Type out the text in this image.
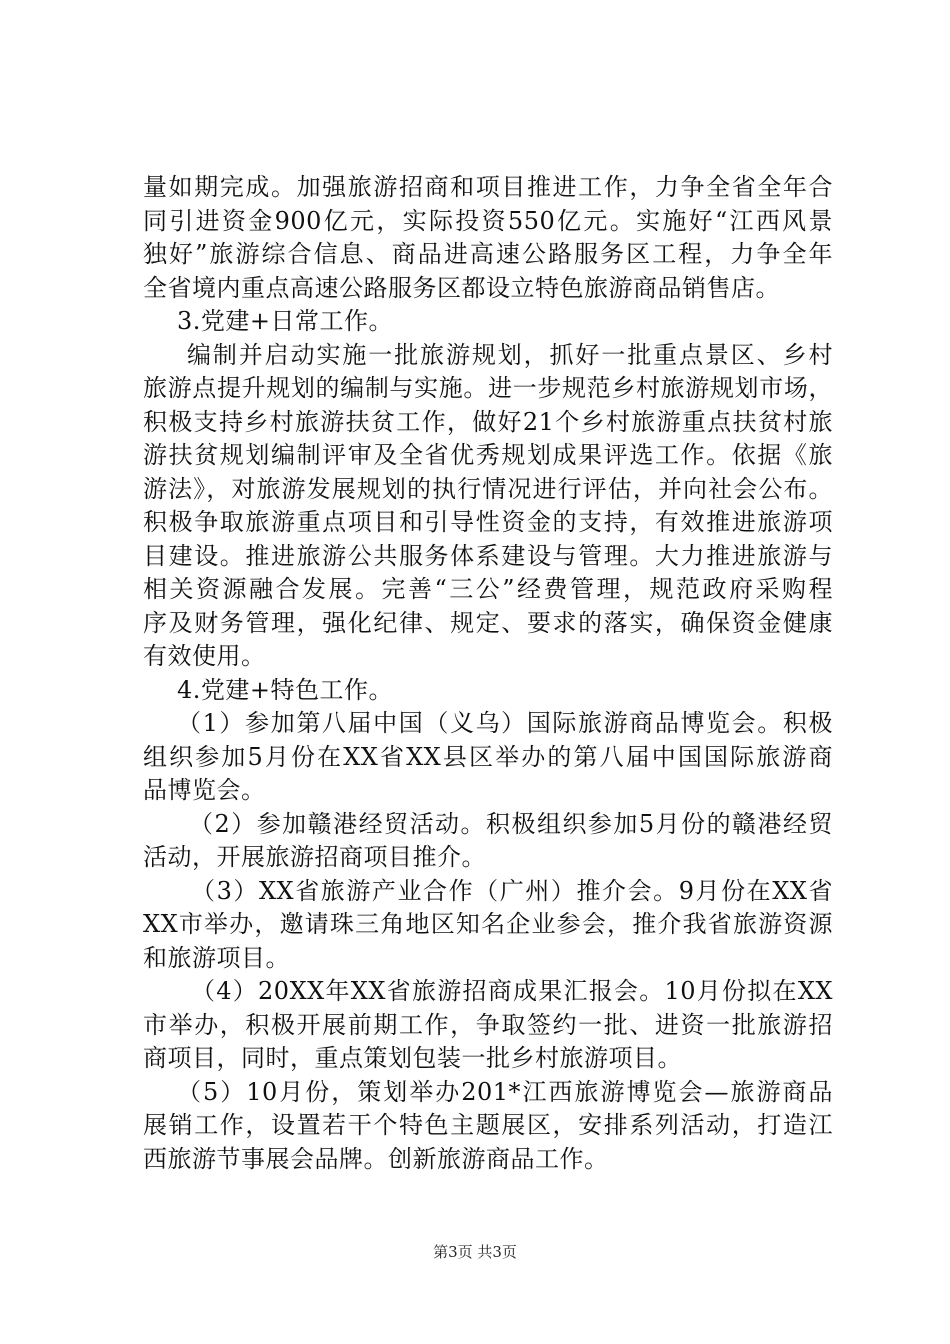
量如期完成。加强旅游招商和项目推进工作，力争全省全年合
同引进资金900亿元，实际投资550亿元。实施好“江西风景
独好”旅游综合信息、商品进高速公路服务区工程，力争全年
全省境内重点高速公路服务区都设立特色旅游商品销售店。
3.党建+日常工作。
编制并启动实施一批旅游规划，抓好一批重点景区、乡村
旅游点提升规划的编制与实施。进一步规范乡村旅游规划市场，
积极支持乡村旅游扶贫工作，做好21个乡村旅游重点扶贫村旅
游扶贫规划编制评审及全省优秀规划成果评选工作。依据《旅
游法》，对旅游发展规划的执行情况进行评估，并向社会公布。
积极争取旅游重点项目和引导性资金的支持，有效推进旅游项
目建设。推进旅游公共服务体系建设与管理。大力推进旅游与
相关资源融合发展。完善“三公”经费管理，规范政府采购程
序及财务管理，强化纪律、规定、要求的落实，确保资金健康
有效使用。
4.党建+特色工作。
（1）参加第八届中国（义乌）国际旅游商品博览会。积极
组织参加5月份在XX省XX县区举办的第八届中国国际旅游商
品博览会。
（2）参加赣港经贸活动。积极组织参加5月份的赣港经贸
活动，开展旅游招商项目推介。
（3）XX省旅游产业合作（广州）推介会。9月份在XX省
XX市举办，邀请珠三角地区知名企业参会，推介我省旅游资源
和旅游项目。
（4）20XX年XX省旅游招商成果汇报会。10月份拟在XX
市举办，积极开展前期工作，争取签约一批、进资一批旅游招
商项目，同时，重点策划包装一批乡村旅游项目。
（5）10月份，策划举办201*江西旅游博览会—旅游商品
展销工作，设置若干个特色主题展区，安排系列活动，打造江
西旅游节事展会品牌。创新旅游商品工作。
第3页 共3页
